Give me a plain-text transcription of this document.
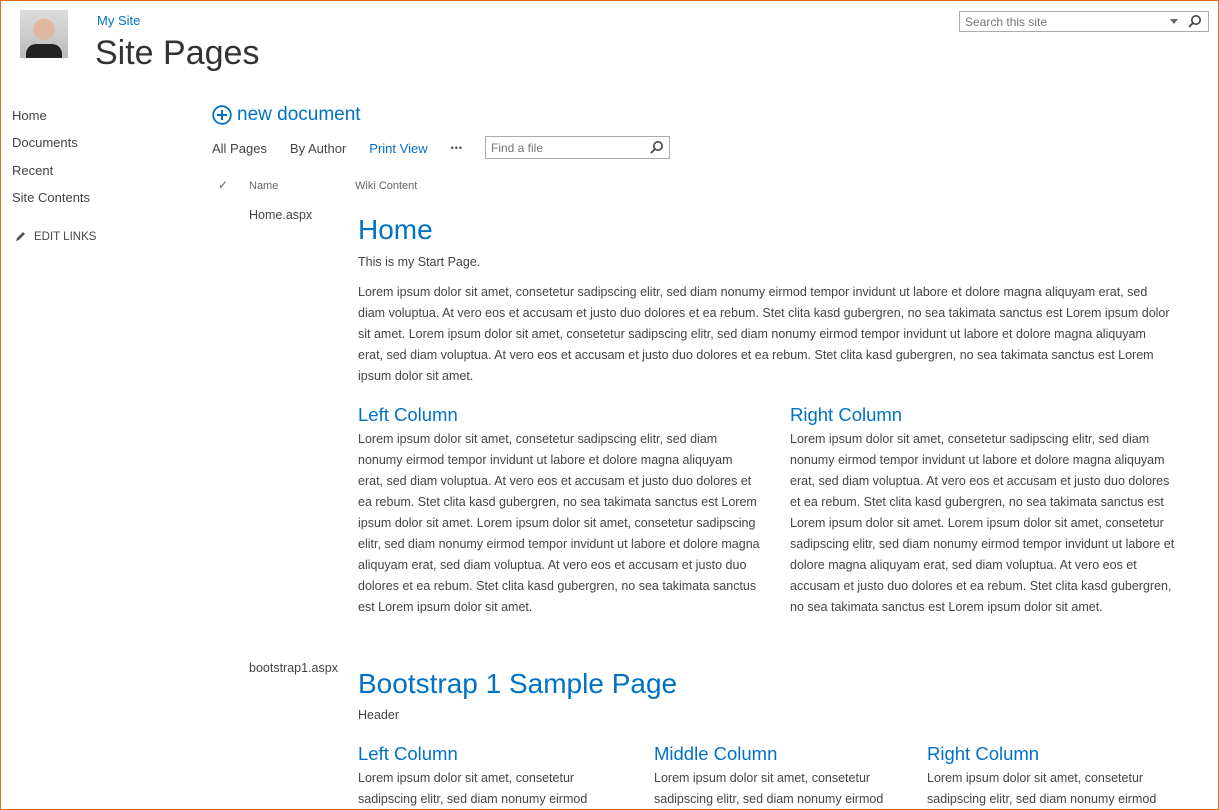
My Site
Site Pages
Search this site
Home
Documents
Recent
Site Contents
EDIT LINKS
new document
All Pages By Author Print View	•••
Find a file
✓ Name	Wiki Content
Home.aspx Home
This is my Start Page.
Lorem ipsum dolor sit amet, consetetur sadipscing elitr, sed diam nonumy eirmod tempor invidunt ut labore et dolore magna aliquyam erat, sed diam voluptua. At vero eos et accusam et justo duo dolores et ea rebum. Stet clita kasd gubergren, no sea takimata sanctus est Lorem ipsum dolor sit amet. Lorem ipsum dolor sit amet, consetetur sadipscing elitr, sed diam nonumy eirmod tempor invidunt ut labore et dolore magna aliquyam erat, sed diam voluptua. At vero eos et accusam et justo duo dolores et ea rebum. Stet clita kasd gubergren, no sea takimata sanctus est Lorem ipsum dolor sit amet.
Left Column
Lorem ipsum dolor sit amet, consetetur sadipscing elitr, sed diam nonumy eirmod tempor invidunt ut labore et dolore magna aliquyam erat, sed diam voluptua. At vero eos et accusam et justo duo dolores et ea rebum. Stet clita kasd gubergren, no sea takimata sanctus est Lorem ipsum dolor sit amet. Lorem ipsum dolor sit amet, consetetur sadipscing elitr, sed diam nonumy eirmod tempor invidunt ut labore et dolore magna aliquyam erat, sed diam voluptua. At vero eos et accusam et justo duo dolores et ea rebum. Stet clita kasd gubergren, no sea takimata sanctus est Lorem ipsum dolor sit amet.
Right Column
Lorem ipsum dolor sit amet, consetetur sadipscing elitr, sed diam nonumy eirmod tempor invidunt ut labore et dolore magna aliquyam erat, sed diam voluptua. At vero eos et accusam et justo duo dolores et ea rebum. Stet clita kasd gubergren, no sea takimata sanctus est Lorem ipsum dolor sit amet. Lorem ipsum dolor sit amet, consetetur sadipscing elitr, sed diam nonumy eirmod tempor invidunt ut labore et dolore magna aliquyam erat, sed diam voluptua. At vero eos et accusam et justo duo dolores et ea rebum. Stet clita kasd gubergren, no sea takimata sanctus est Lorem ipsum dolor sit amet.
bootstrap1.aspx Bootstrap 1 Sample Page
Header
Left Column
Lorem ipsum dolor sit amet, consetetur sadipscing elitr, sed diam nonumy eirmod
Middle Column
Lorem ipsum dolor sit amet, consetetur sadipscing elitr, sed diam nonumy eirmod
Right Column
Lorem ipsum dolor sit amet, consetetur sadipscing elitr, sed diam nonumy eirmod
